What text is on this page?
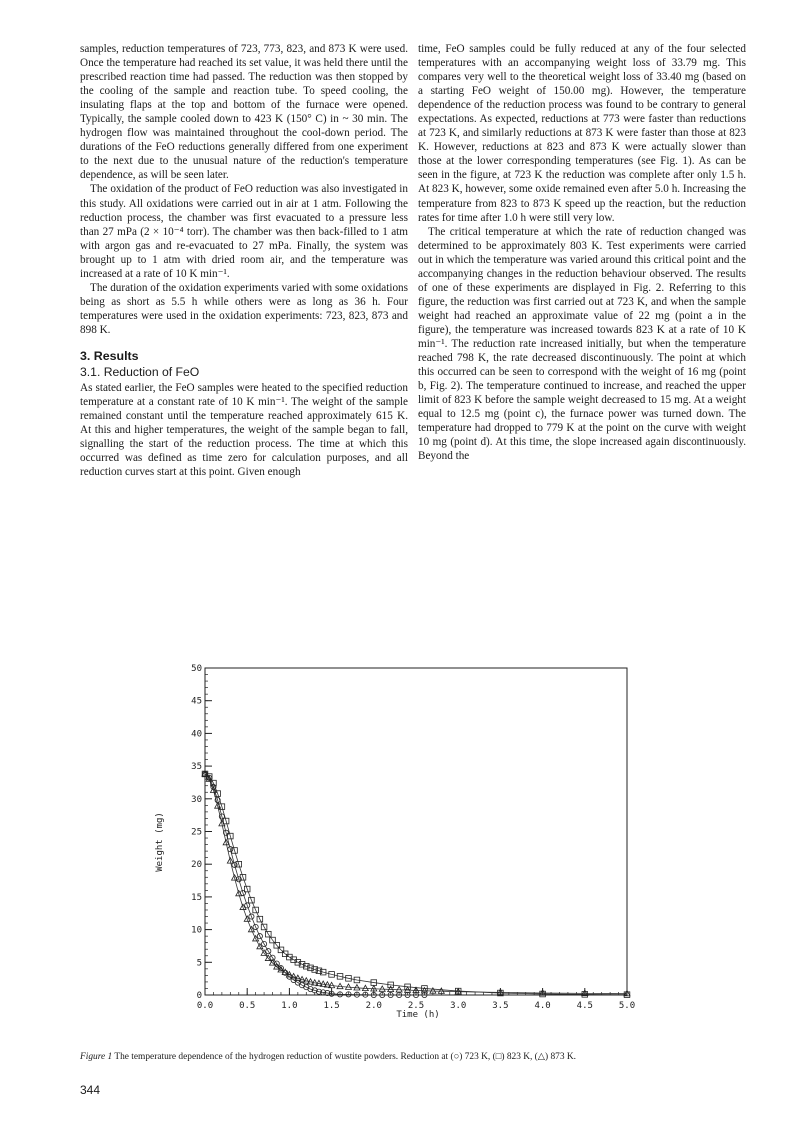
samples, reduction temperatures of 723, 773, 823, and 873 K were used. Once the temperature had reached its set value, it was held there until the prescribed reaction time had passed. The reduction was then stopped by the cooling of the sample and reaction tube. To speed cooling, the insulating flaps at the top and bottom of the furnace were opened. Typically, the sample cooled down to 423 K (150° C) in ~ 30 min. The hydrogen flow was maintained throughout the cool-down period. The durations of the FeO reductions generally differed from one experiment to the next due to the unusual nature of the reduction's temperature dependence, as will be seen later.

The oxidation of the product of FeO reduction was also investigated in this study. All oxidations were carried out in air at 1 atm. Following the reduction process, the chamber was first evacuated to a pressure less than 27 mPa (2 × 10⁻⁴ torr). The chamber was then back-filled to 1 atm with argon gas and re-evacuated to 27 mPa. Finally, the system was brought up to 1 atm with dried room air, and the temperature was increased at a rate of 10 K min⁻¹.

The duration of the oxidation experiments varied with some oxidations being as short as 5.5 h while others were as long as 36 h. Four temperatures were used in the oxidation experiments: 723, 823, 873 and 898 K.

3. Results
3.1. Reduction of FeO

As stated earlier, the FeO samples were heated to the specified reduction temperature at a constant rate of 10 K min⁻¹. The weight of the sample remained constant until the temperature reached approximately 615 K. At this and higher temperatures, the weight of the sample began to fall, signalling the start of the reduction process. The time at which this occurred was defined as time zero for calculation purposes, and all reduction curves start at this point. Given enough

time, FeO samples could be fully reduced at any of the four selected temperatures with an accompanying weight loss of 33.79 mg. This compares very well to the theoretical weight loss of 33.40 mg (based on a starting FeO weight of 150.00 mg). However, the temperature dependence of the reduction process was found to be contrary to general expectations. As expected, reductions at 773 were faster than reductions at 723 K, and similarly reductions at 873 K were faster than those at 823 K. However, reductions at 823 and 873 K were actually slower than those at the lower corresponding temperatures (see Fig. 1). As can be seen in the figure, at 723 K the reduction was complete after only 1.5 h. At 823 K, however, some oxide remained even after 5.0 h. Increasing the temperature from 823 to 873 K speed up the reaction, but the reduction rates for time after 1.0 h were still very low.

The critical temperature at which the rate of reduction changed was determined to be approximately 803 K. Test experiments were carried out in which the temperature was varied around this critical point and the accompanying changes in the reduction behaviour observed. The results of one of these experiments are displayed in Fig. 2. Referring to this figure, the reduction was first carried out at 723 K, and when the sample weight had reached an approximate value of 22 mg (point a in the figure), the temperature was increased towards 823 K at a rate of 10 K min⁻¹. The reduction rate increased initially, but when the temperature reached 798 K, the rate decreased discontinuously. The point at which this occurred can be seen to correspond with the weight of 16 mg (point b, Fig. 2). The temperature continued to increase, and reached the upper limit of 823 K before the sample weight decreased to 15 mg. At a weight equal to 12.5 mg (point c), the furnace power was turned down. The temperature had dropped to 779 K at the point on the curve with weight 10 mg (point d). At this time, the slope increased again discontinuously. Beyond the

0.0	0.5	1.0	1.5	2.0	2.5	3.0	3.5	4.0	4.5	5.0
0
5
10
15
20
25
30
35
40
45
50
Time (h)
Weight (mg)
Figure 1 The temperature dependence of the hydrogen reduction of wustite powders. Reduction at (○) 723 K, (□) 823 K, (△) 873 K.
344
